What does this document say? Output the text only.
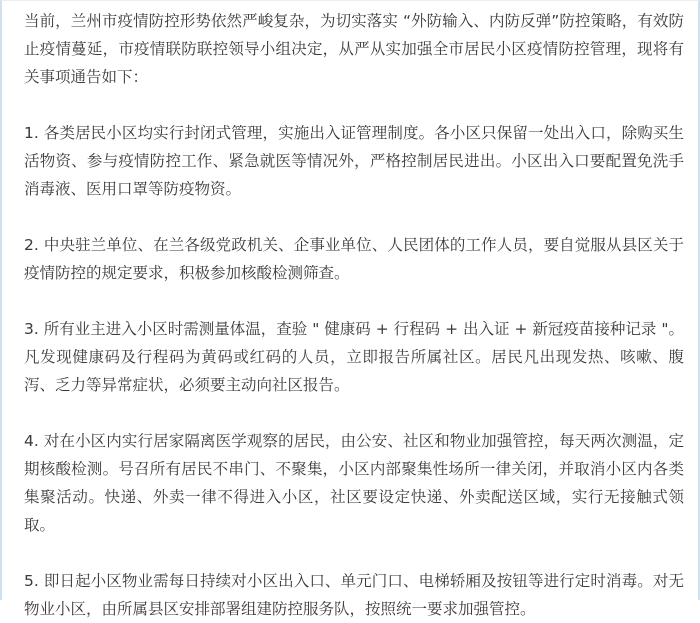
当前，兰州市疫情防控形势依然严峻复杂，为切实落实 “外防输入、内防反弹”防控策略，有效防止疫情蔓延，市疫情联防联控领导小组决定，从严从实加强全市居民小区疫情防控管理，现将有关事项通告如下：

1. 各类居民小区均实行封闭式管理，实施出入证管理制度。各小区只保留一处出入口，除购买生活物资、参与疫情防控工作、紧急就医等情况外，严格控制居民进出。小区出入口要配置免洗手消毒液、医用口罩等防疫物资。

2. 中央驻兰单位、在兰各级党政机关、企事业单位、人民团体的工作人员，要自觉服从县区关于疫情防控的规定要求，积极参加核酸检测筛查。

3. 所有业主进入小区时需测量体温，查验 " 健康码 + 行程码 + 出入证 + 新冠疫苗接种记录 "。凡发现健康码及行程码为黄码或红码的人员，立即报告所属社区。居民凡出现发热、咳嗽、腹泻、乏力等异常症状，必须要主动向社区报告。

4. 对在小区内实行居家隔离医学观察的居民，由公安、社区和物业加强管控，每天两次测温，定期核酸检测。号召所有居民不串门、不聚集，小区内部聚集性场所一律关闭，并取消小区内各类集聚活动。快递、外卖一律不得进入小区，社区要设定快递、外卖配送区域，实行无接触式领取。

5. 即日起小区物业需每日持续对小区出入口、单元门口、电梯轿厢及按钮等进行定时消毒。对无物业小区，由所属县区安排部署组建防控服务队，按照统一要求加强管控。
